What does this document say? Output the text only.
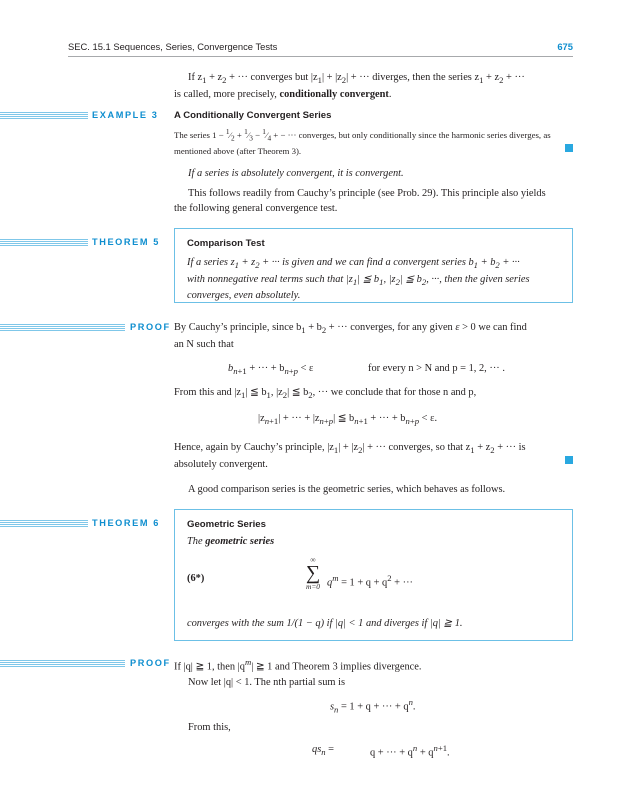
SEC. 15.1 Sequences, Series, Convergence Tests	675
If $z_1 + z_2$ + ··· converges but $|z_1| + |z_2|$ + ··· diverges, then the series $z_1 + z_2$ + ···
is called, more precisely, conditionally convergent.
EXAMPLE 3 A Conditionally Convergent Series
The series $1 - ^1⁄_2$ + $^1⁄_3$ − $^1⁄_4$ + − ··· converges, but only conditionally since the harmonic series diverges, as
mentioned above (after Theorem 3).
If a series is absolutely convergent, it is convergent.
This follows readily from Cauchy’s principle (see Prob. 29). This principle also yields
the following general convergence test.
THEOREM 5	Comparison Test
If a series $z_1 + z_2$ + ··· is given and we can find a convergent series $b_1 + b_2$ + ···
with nonnegative real terms such that $|z_1|$ ≦ $b_1$, $|z_2|$ ≦ $b_2$, ···, then the given series
converges, even absolutely.
PROOF By Cauchy’s principle, since $b_1 + b_2$ + ··· converges, for any given ε > 0 we can find
an N such that
$b_{n+1}$ + ··· + $b_{n+p} < \varepsilon$	for every n > N and p = 1, 2, ··· .
From this and $|z_1|$ ≦ $b_1$, $|z_2|$ ≦ $b_2$, ··· we conclude that for those n and p,
$|z_{n+1}|$ + ··· + $|z_{n+p}|$ ≦ $b_{n+1}$ + ··· + $b_{n+p} < \varepsilon$.
Hence, again by Cauchy’s principle, $|z_1| + |z_2|$ + ··· converges, so that $z_1 + z_2$ + ··· is
absolutely convergent.
A good comparison series is the geometric series, which behaves as follows.
THEOREM 6	Geometric Series
The geometric series
(6*)
∞
∑
m=0 $q^m = 1 + q + q^2$ + ···
converges with the sum 1/(1 − q) if |q| < 1 and diverges if |q| ≧ 1.
PROOF If |q| ≧ 1, then $|q^m|$ ≧ 1 and Theorem 3 implies divergence.
Now let |q| < 1. The nth partial sum is
$s_n = 1 + q$ + ··· + $q^n$.
From this,
$qs_n$ =	q + ··· + $q^n + q^{n+1}$.
